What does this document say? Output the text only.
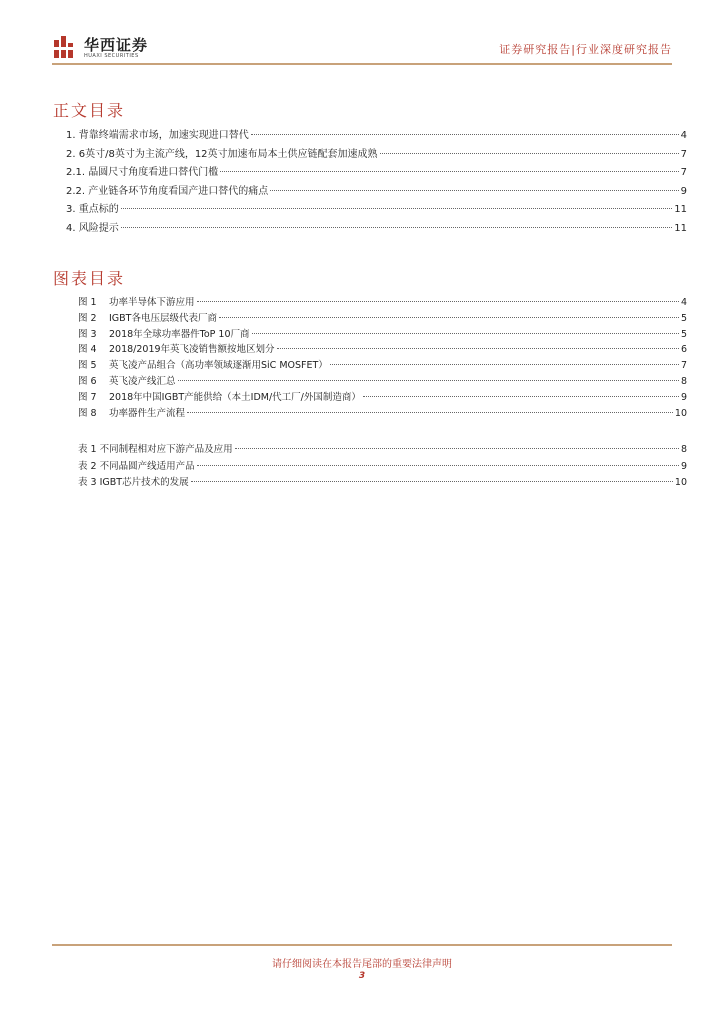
华西证券
HUAXI SECURITIES	证券研究报告|行业深度研究报告
正文目录
1. 背靠终端需求市场，加速实现进口替代	4
2. 6英寸/8英寸为主流产线，12英寸加速布局本土供应链配套加速成熟	7
2.1. 晶圆尺寸角度看进口替代门槛	7
2.2. 产业链各环节角度看国产进口替代的痛点	9
3. 重点标的	11
4. 风险提示	11
图表目录
图 1	功率半导体下游应用	4
图 2	IGBT各电压层级代表厂商	5
图 3	2018年全球功率器件ToP 10厂商	5
图 4	2018/2019年英飞凌销售额按地区划分	6
图 5	英飞凌产品组合（高功率领域逐渐用SiC MOSFET）	7
图 6	英飞凌产线汇总	8
图 7	2018年中国IGBT产能供给（本土IDM/代工厂/外国制造商）	9
图 8	功率器件生产流程	10
表 1 不同制程相对应下游产品及应用	8
表 2 不同晶圆产线适用产品	9
表 3 IGBT芯片技术的发展	10
请仔细阅读在本报告尾部的重要法律声明
3
